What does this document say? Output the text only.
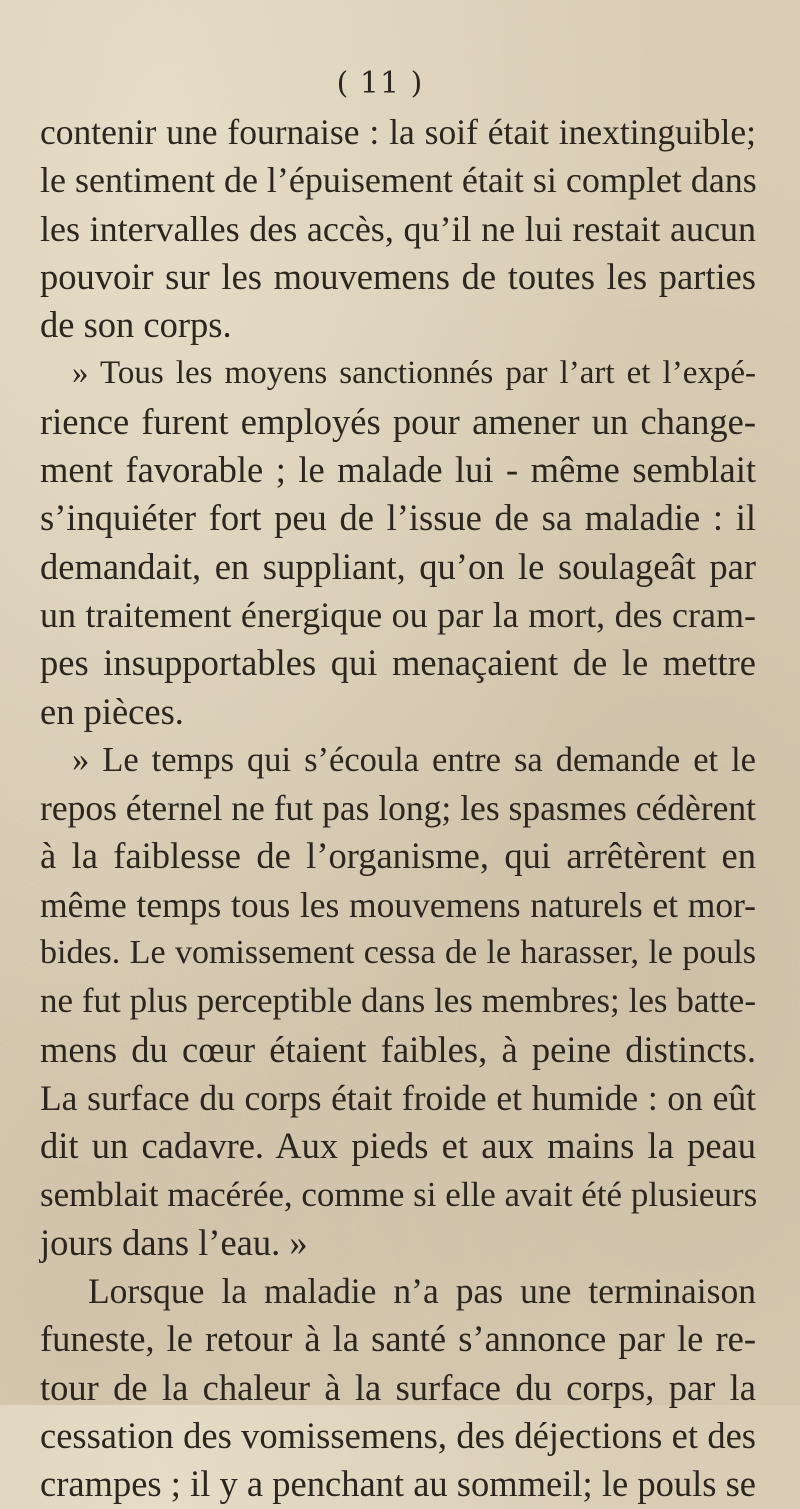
( 11 )
contenir une fournaise : la soif était inextinguible;
le sentiment de l’épuisement était si complet dans
les intervalles des accès, qu’il ne lui restait aucun
pouvoir sur les mouvemens de toutes les parties
de son corps.
» Tous les moyens sanctionnés par l’art et l’expé-
rience furent employés pour amener un change-
ment favorable ; le malade lui - même semblait
s’inquiéter fort peu de l’issue de sa maladie : il
demandait, en suppliant, qu’on le soulageât par
un traitement énergique ou par la mort, des cram-
pes insupportables qui menaçaient de le mettre
en pièces.
» Le temps qui s’écoula entre sa demande et le
repos éternel ne fut pas long; les spasmes cédèrent
à la faiblesse de l’organisme, qui arrêtèrent en
même temps tous les mouvemens naturels et mor-
bides. Le vomissement cessa de le harasser, le pouls
ne fut plus perceptible dans les membres; les batte-
mens du cœur étaient faibles, à peine distincts.
La surface du corps était froide et humide : on eût
dit un cadavre. Aux pieds et aux mains la peau
semblait macérée, comme si elle avait été plusieurs
jours dans l’eau. »
Lorsque la maladie n’a pas une terminaison
funeste, le retour à la santé s’annonce par le re-
tour de la chaleur à la surface du corps, par la
cessation des vomissemens, des déjections et des
crampes ; il y a penchant au sommeil; le pouls se
